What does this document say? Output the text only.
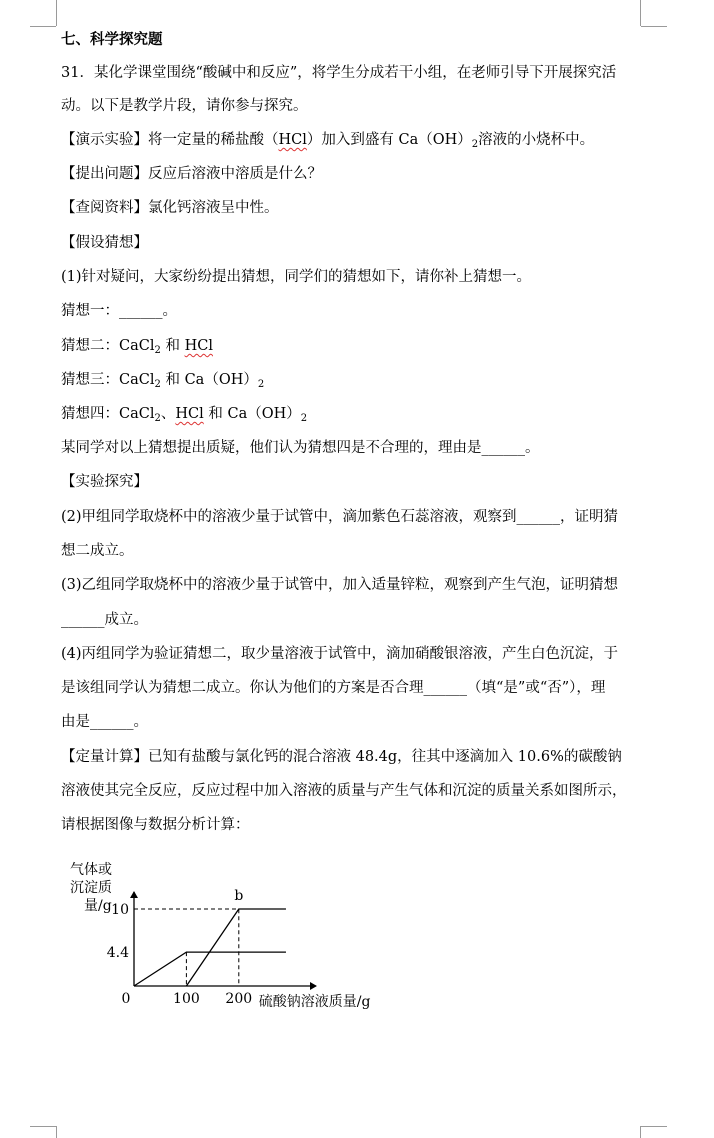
七、科学探究题
31．某化学课堂围绕“酸碱中和反应”，将学生分成若干小组，在老师引导下开展探究活
动。以下是教学片段，请你参与探究。
【演示实验】将一定量的稀盐酸（HCl）加入到盛有 $Ca(OH)_2$溶液的小烧杯中。
【提出问题】反应后溶液中溶质是什么？
【查阅资料】氯化钙溶液呈中性。
【假设猜想】
(1)针对疑问，大家纷纷提出猜想，同学们的猜想如下，请你补上猜想一。
猜想一：______。
猜想二：CaCl$_2$ 和 HCl
猜想三：CaCl$_2$ 和 $Ca(OH)_2$
猜想四：CaCl$_2$、HCl 和 $Ca(OH)_2$
某同学对以上猜想提出质疑，他们认为猜想四是不合理的，理由是______。
【实验探究】
(2)甲组同学取烧杯中的溶液少量于试管中，滴加紫色石蕊溶液，观察到______，证明猜
想二成立。
(3)乙组同学取烧杯中的溶液少量于试管中，加入适量锌粒，观察到产生气泡，证明猜想
______成立。
(4)丙组同学为验证猜想二，取少量溶液于试管中，滴加硝酸银溶液，产生白色沉淀，于
是该组同学认为猜想二成立。你认为他们的方案是否合理______（填“是”或“否”），理
由是______。
【定量计算】已知有盐酸与氯化钙的混合溶液 48.4g，往其中逐滴加入 10.6%的碳酸钠
溶液使其完全反应，反应过程中加入溶液的质量与产生气体和沉淀的质量关系如图所示，
请根据图像与数据分析计算：
气体或
沉淀质
量/g
0	100 200
4.4
10
硫酸钠溶液质量/g
b
